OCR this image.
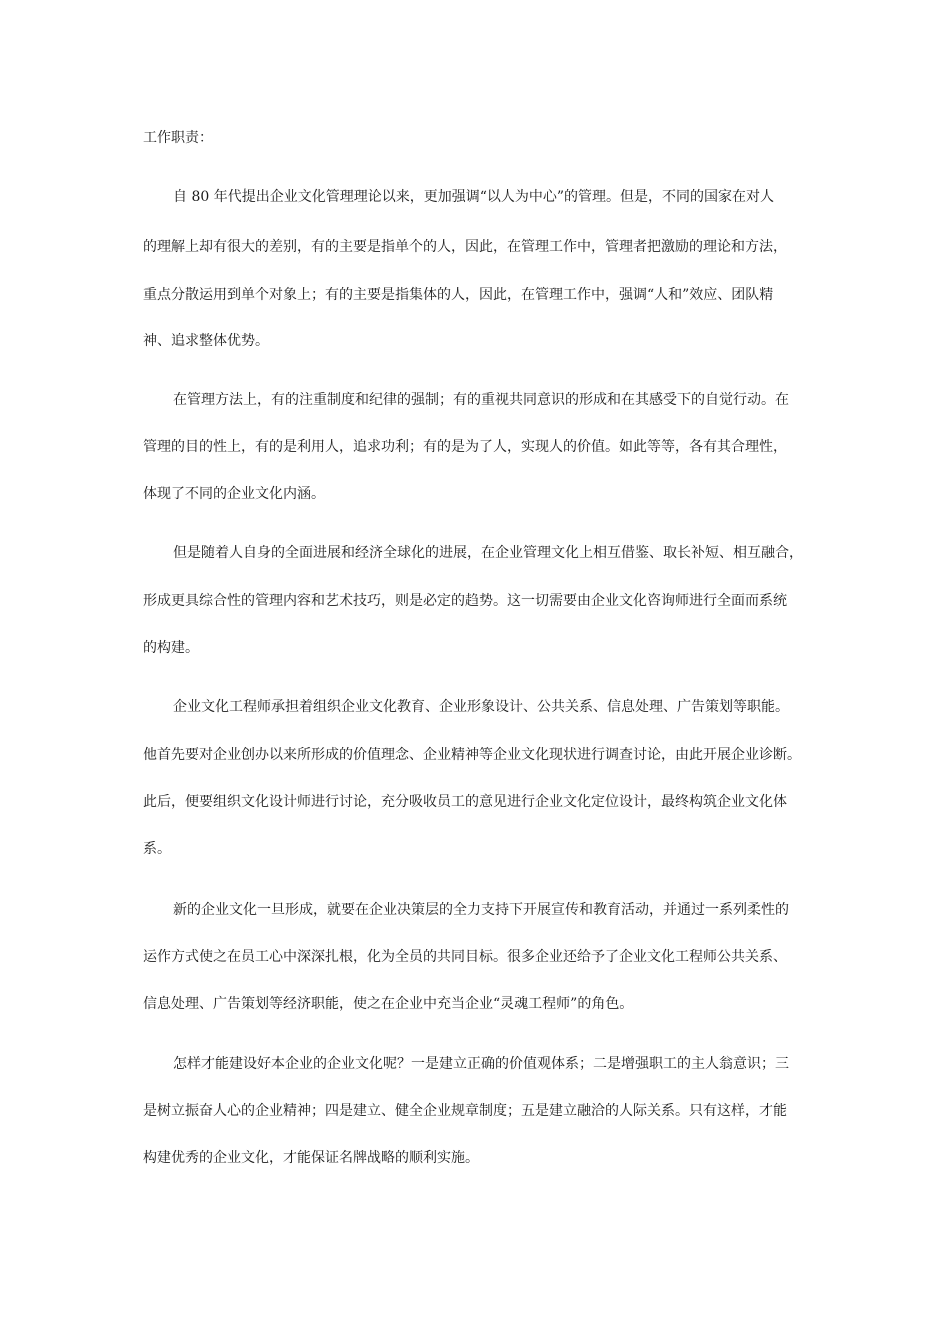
工作职责：

自 80 年代提出企业文化管理理论以来，更加强调“以人为中心”的管理。但是，不同的国家在对人

的理解上却有很大的差别，有的主要是指单个的人，因此，在管理工作中，管理者把激励的理论和方法，

重点分散运用到单个对象上；有的主要是指集体的人，因此，在管理工作中，强调“人和”效应、团队精

神、追求整体优势。

在管理方法上，有的注重制度和纪律的强制；有的重视共同意识的形成和在其感受下的自觉行动。在

管理的目的性上，有的是利用人，追求功利；有的是为了人，实现人的价值。如此等等，各有其合理性，

体现了不同的企业文化内涵。

但是随着人自身的全面进展和经济全球化的进展，在企业管理文化上相互借鉴、取长补短、相互融合，

形成更具综合性的管理内容和艺术技巧，则是必定的趋势。这一切需要由企业文化咨询师进行全面而系统

的构建。

企业文化工程师承担着组织企业文化教育、企业形象设计、公共关系、信息处理、广告策划等职能。

他首先要对企业创办以来所形成的价值理念、企业精神等企业文化现状进行调查讨论，由此开展企业诊断。

此后，便要组织文化设计师进行讨论，充分吸收员工的意见进行企业文化定位设计，最终构筑企业文化体

系。

新的企业文化一旦形成，就要在企业决策层的全力支持下开展宣传和教育活动，并通过一系列柔性的

运作方式使之在员工心中深深扎根，化为全员的共同目标。很多企业还给予了企业文化工程师公共关系、

信息处理、广告策划等经济职能，使之在企业中充当企业“灵魂工程师”的角色。

怎样才能建设好本企业的企业文化呢？一是建立正确的价值观体系；二是增强职工的主人翁意识；三

是树立振奋人心的企业精神；四是建立、健全企业规章制度；五是建立融洽的人际关系。只有这样，才能

构建优秀的企业文化，才能保证名牌战略的顺利实施。
